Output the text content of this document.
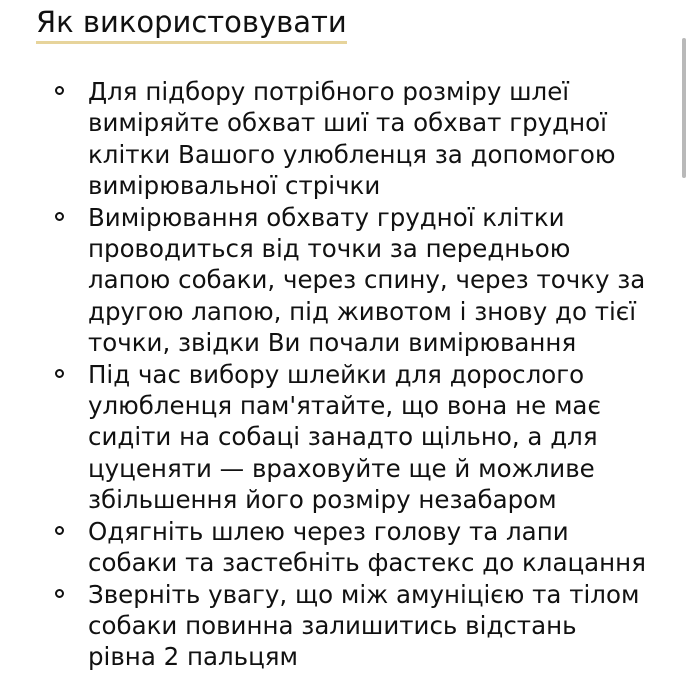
Як використовувати
Для підбору потрібного розміру шлеї
виміряйте обхват шиї та обхват грудної
клітки Вашого улюбленця за допомогою
вимірювальної стрічки
Вимірювання обхвату грудної клітки
проводиться від точки за передньою
лапою собаки, через спину, через точку за
другою лапою, під животом і знову до тієї
точки, звідки Ви почали вимірювання
Під час вибору шлейки для дорослого
улюбленця пам'ятайте, що вона не має
сидіти на собаці занадто щільно, а для
цуценяти — враховуйте ще й можливе
збільшення його розміру незабаром
Одягніть шлею через голову та лапи
собаки та застебніть фастекс до клацання
Зверніть увагу, що між амуніцією та тілом
собаки повинна залишитись відстань
рівна 2 пальцям
